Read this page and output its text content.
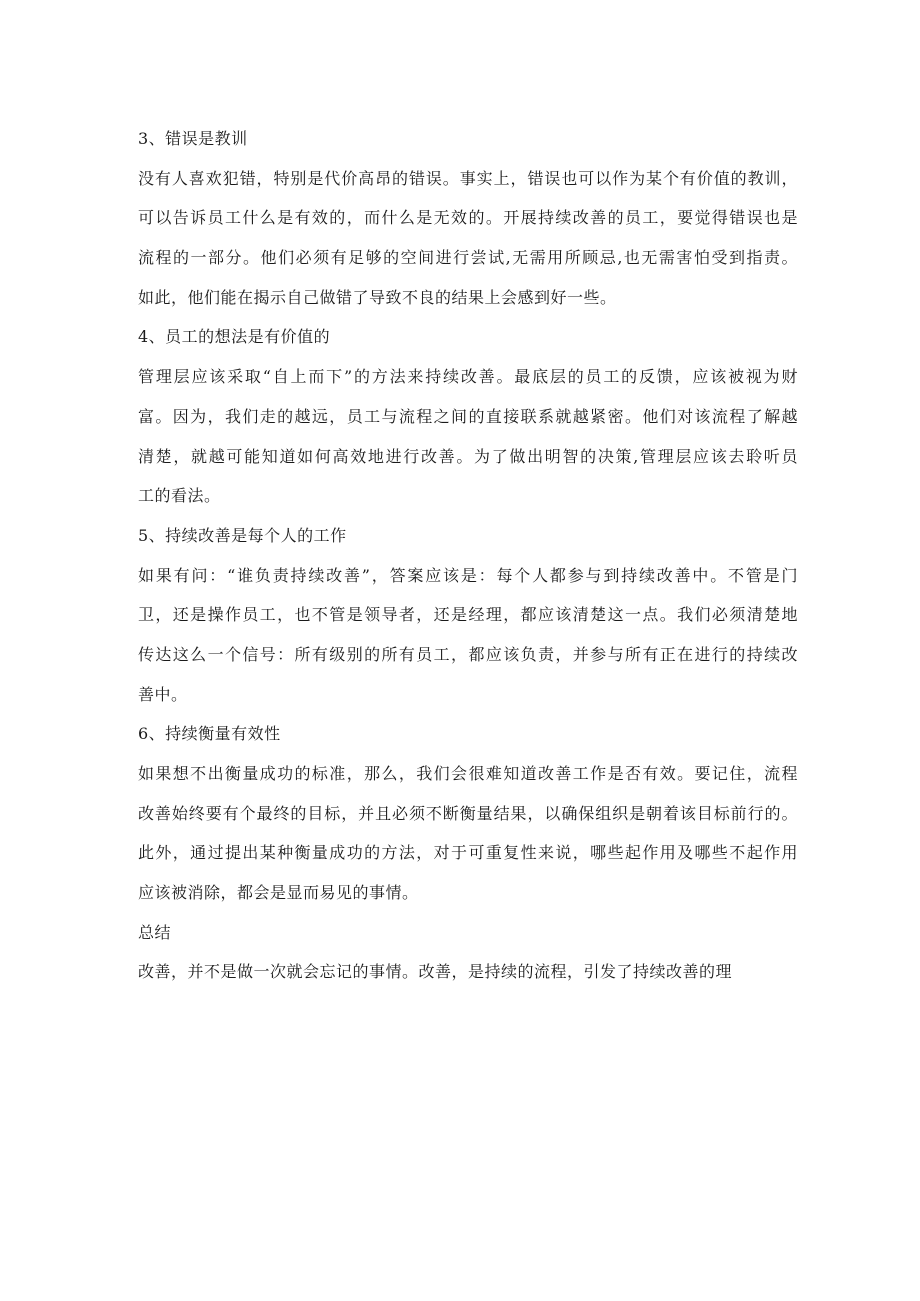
3、错误是教训
没有人喜欢犯错，特别是代价高昂的错误。事实上，错误也可以作为某个有价值的教训，
可以告诉员工什么是有效的，而什么是无效的。开展持续改善的员工，要觉得错误也是
流程的一部分。他们必须有足够的空间进行尝试,无需用所顾忌,也无需害怕受到指责。
如此，他们能在揭示自己做错了导致不良的结果上会感到好一些。
4、员工的想法是有价值的
管理层应该采取“自上而下”的方法来持续改善。最底层的员工的反馈，应该被视为财
富。因为，我们走的越远，员工与流程之间的直接联系就越紧密。他们对该流程了解越
清楚，就越可能知道如何高效地进行改善。为了做出明智的决策,管理层应该去聆听员
工的看法。
5、持续改善是每个人的工作
如果有问：“谁负责持续改善”，答案应该是：每个人都参与到持续改善中。不管是门
卫，还是操作员工，也不管是领导者，还是经理，都应该清楚这一点。我们必须清楚地
传达这么一个信号：所有级别的所有员工，都应该负责，并参与所有正在进行的持续改
善中。
6、持续衡量有效性
如果想不出衡量成功的标准，那么，我们会很难知道改善工作是否有效。要记住，流程
改善始终要有个最终的目标，并且必须不断衡量结果，以确保组织是朝着该目标前行的。
此外，通过提出某种衡量成功的方法，对于可重复性来说，哪些起作用及哪些不起作用
应该被消除，都会是显而易见的事情。
总结
改善，并不是做一次就会忘记的事情。改善，是持续的流程，引发了持续改善的理
